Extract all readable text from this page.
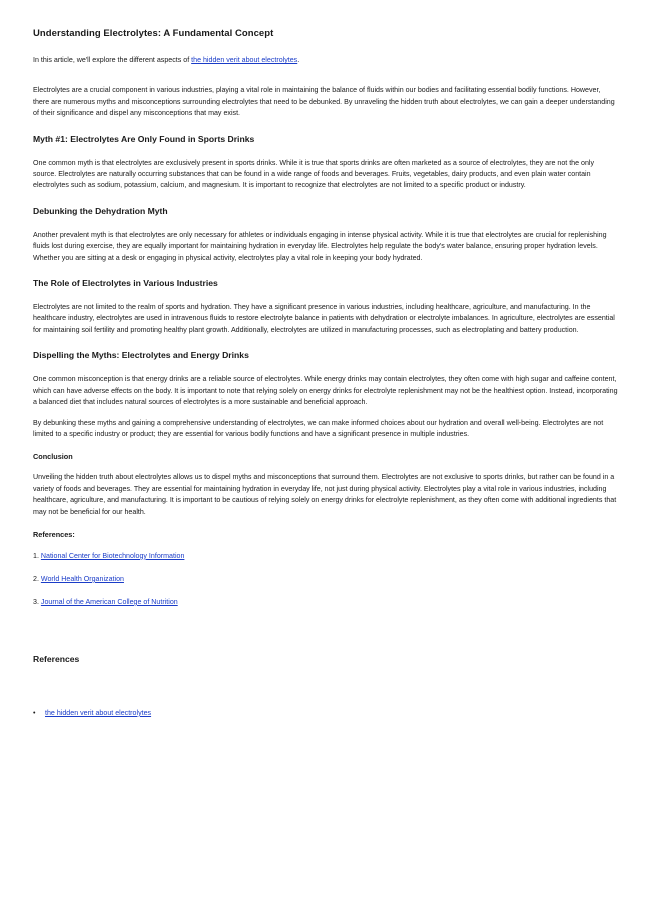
Understanding Electrolytes: A Fundamental Concept

In this article, we'll explore the different aspects of the hidden verit about electrolytes.

Electrolytes are a crucial component in various industries, playing a vital role in maintaining the balance of fluids within our bodies and facilitating essential bodily functions. However, there are numerous myths and misconceptions surrounding electrolytes that need to be debunked. By unraveling the hidden truth about electrolytes, we can gain a deeper understanding of their significance and dispel any misconceptions that may exist.

Myth #1: Electrolytes Are Only Found in Sports Drinks

One common myth is that electrolytes are exclusively present in sports drinks. While it is true that sports drinks are often marketed as a source of electrolytes, they are not the only source. Electrolytes are naturally occurring substances that can be found in a wide range of foods and beverages. Fruits, vegetables, dairy products, and even plain water contain electrolytes such as sodium, potassium, calcium, and magnesium. It is important to recognize that electrolytes are not limited to a specific product or industry.

Debunking the Dehydration Myth

Another prevalent myth is that electrolytes are only necessary for athletes or individuals engaging in intense physical activity. While it is true that electrolytes are crucial for replenishing fluids lost during exercise, they are equally important for maintaining hydration in everyday life. Electrolytes help regulate the body's water balance, ensuring proper hydration levels. Whether you are sitting at a desk or engaging in physical activity, electrolytes play a vital role in keeping your body hydrated.

The Role of Electrolytes in Various Industries

Electrolytes are not limited to the realm of sports and hydration. They have a significant presence in various industries, including healthcare, agriculture, and manufacturing. In the healthcare industry, electrolytes are used in intravenous fluids to restore electrolyte balance in patients with dehydration or electrolyte imbalances. In agriculture, electrolytes are essential for maintaining soil fertility and promoting healthy plant growth. Additionally, electrolytes are utilized in manufacturing processes, such as electroplating and battery production.

Dispelling the Myths: Electrolytes and Energy Drinks

One common misconception is that energy drinks are a reliable source of electrolytes. While energy drinks may contain electrolytes, they often come with high sugar and caffeine content, which can have adverse effects on the body. It is important to note that relying solely on energy drinks for electrolyte replenishment may not be the healthiest option. Instead, incorporating a balanced diet that includes natural sources of electrolytes is a more sustainable and beneficial approach.

By debunking these myths and gaining a comprehensive understanding of electrolytes, we can make informed choices about our hydration and overall well-being. Electrolytes are not limited to a specific industry or product; they are essential for various bodily functions and have a significant presence in multiple industries.

Conclusion

Unveiling the hidden truth about electrolytes allows us to dispel myths and misconceptions that surround them. Electrolytes are not exclusive to sports drinks, but rather can be found in a variety of foods and beverages. They are essential for maintaining hydration in everyday life, not just during physical activity. Electrolytes play a vital role in various industries, including healthcare, agriculture, and manufacturing. It is important to be cautious of relying solely on energy drinks for electrolyte replenishment, as they often come with additional ingredients that may not be beneficial for our health.

References:

1. National Center for Biotechnology Information

2. World Health Organization

3. Journal of the American College of Nutrition

References
• the hidden verit about electrolytes
